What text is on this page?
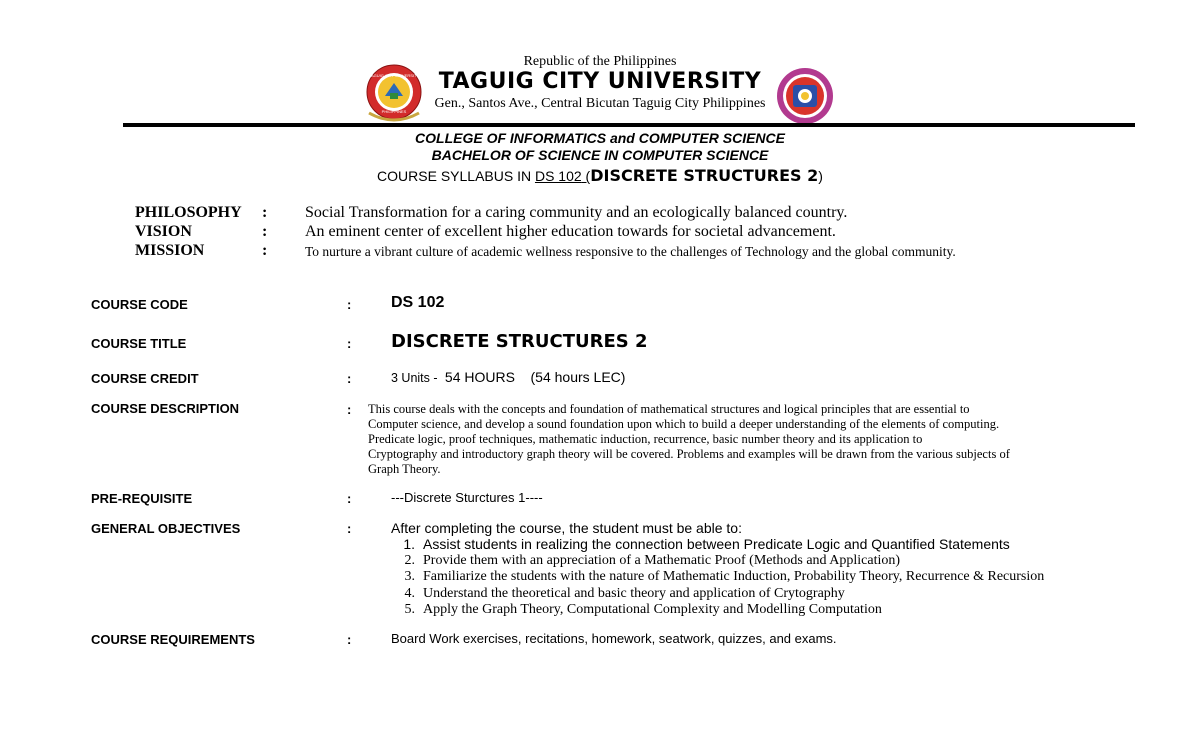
Republic of the Philippines
TAGUIG CITY UNIVERSITY
Gen., Santos Ave., Central Bicutan Taguig City Philippines
TAGUIG CITY UNIVERSITY
PHILIPPINES
COLLEGE OF INFORMATICS and COMPUTER SCIENCE
BACHELOR OF SCIENCE IN COMPUTER SCIENCE
COURSE SYLLABUS IN DS 102 (DISCRETE STRUCTURES 2)
PHILOSOPHY : Social Transformation for a caring community and an ecologically balanced country.
VISION	: An eminent center of excellent higher education towards for societal advancement.
MISSION	:	To nurture a vibrant culture of academic wellness responsive to the challenges of Technology and the global community.
COURSE CODE	: DS 102
COURSE TITLE	: DISCRETE STRUCTURES 2
COURSE CREDIT	:	3 Units -  54 HOURS    (54 hours LEC)
COURSE DESCRIPTION	: This course deals with the concepts and foundation of mathematical structures and logical principles that are essential to
Computer science, and develop a sound foundation upon which to build a deeper understanding of the elements of computing.
Predicate logic, proof techniques, mathematic induction, recurrence, basic number theory and its application to
Cryptography and introductory graph theory will be covered. Problems and examples will be drawn from the various subjects of
Graph Theory.
PRE-REQUISITE	:	---Discrete Sturctures 1----
GENERAL OBJECTIVES	:	After completing the course, the student must be able to:
1. Assist students in realizing the connection between Predicate Logic and Quantified Statements
2. Provide them with an appreciation of a Mathematic Proof (Methods and Application)
3. Familiarize the students with the nature of Mathematic Induction, Probability Theory, Recurrence & Recursion
4. Understand the theoretical and basic theory and application of Crytography
5. Apply the Graph Theory, Computational Complexity and Modelling Computation
COURSE REQUIREMENTS	:	Board Work exercises, recitations, homework, seatwork, quizzes, and exams.
